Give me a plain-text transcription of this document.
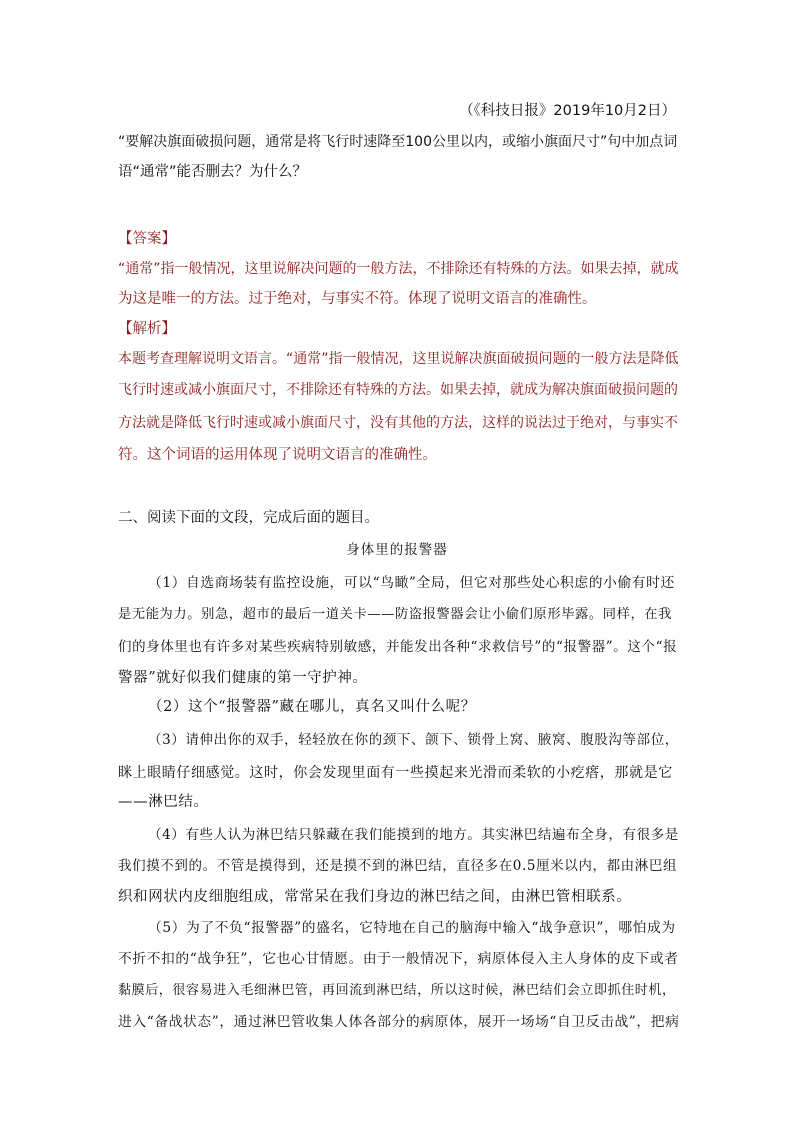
（《科技日报》2019年10月2日）
“要解决旗面破损问题，通常是将飞行时速降至100公里以内，或缩小旗面尺寸”句中加点词
语“通常”能否删去？为什么？
【答案】
“通常”指一般情况，这里说解决问题的一般方法，不排除还有特殊的方法。如果去掉，就成
为这是唯一的方法。过于绝对，与事实不符。体现了说明文语言的准确性。
【解析】
本题考查理解说明文语言。“通常”指一般情况，这里说解决旗面破损问题的一般方法是降低
飞行时速或减小旗面尺寸，不排除还有特殊的方法。如果去掉，就成为解决旗面破损问题的
方法就是降低飞行时速或减小旗面尺寸，没有其他的方法，这样的说法过于绝对，与事实不
符。这个词语的运用体现了说明文语言的准确性。
二、阅读下面的文段，完成后面的题目。
身体里的报警器
（1）自选商场装有监控设施，可以“鸟瞰”全局，但它对那些处心积虑的小偷有时还
是无能为力。别急，超市的最后一道关卡——防盗报警器会让小偷们原形毕露。同样，在我
们的身体里也有许多对某些疾病特别敏感，并能发出各种“求救信号”的“报警器”。这个“报
警器”就好似我们健康的第一守护神。
（2）这个“报警器”藏在哪儿，真名又叫什么呢？
（3）请伸出你的双手，轻轻放在你的颈下、颌下、锁骨上窝、腋窝、腹股沟等部位，
眯上眼睛仔细感觉。这时，你会发现里面有一些摸起来光滑而柔软的小疙瘩，那就是它
——淋巴结。
（4）有些人认为淋巴结只躲藏在我们能摸到的地方。其实淋巴结遍布全身，有很多是
我们摸不到的。不管是摸得到，还是摸不到的淋巴结，直径多在0.5厘米以内，都由淋巴组
织和网状内皮细胞组成，常常呆在我们身边的淋巴结之间，由淋巴管相联系。
（5）为了不负“报警器”的盛名，它特地在自己的脑海中输入“战争意识”，哪怕成为
不折不扣的“战争狂”，它也心甘情愿。由于一般情况下，病原体侵入主人身体的皮下或者
黏膜后，很容易进入毛细淋巴管，再回流到淋巴结，所以这时候，淋巴结们会立即抓住时机，
进入“备战状态”，通过淋巴管收集人体各部分的病原体，展开一场场“自卫反击战”，把病
